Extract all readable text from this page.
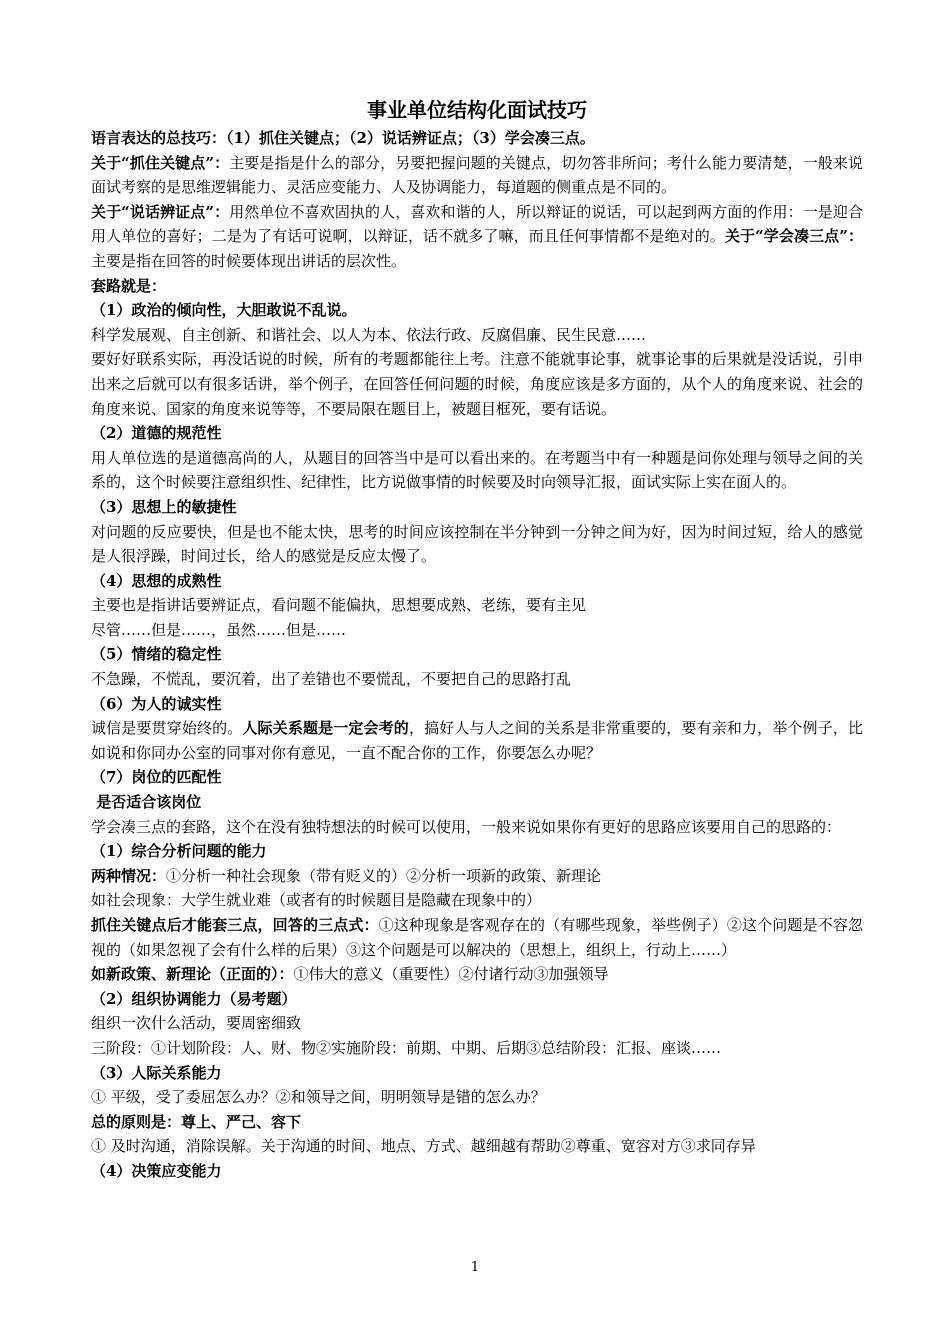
事业单位结构化面试技巧

语言表达的总技巧：（1）抓住关键点；（2）说话辨证点；（3）学会凑三点。

关于“抓住关键点”：主要是指是什么的部分，另要把握问题的关键点，切勿答非所问；考什么能力要清楚，一般来说面试考察的是思维逻辑能力、灵活应变能力、人及协调能力，每道题的侧重点是不同的。

关于“说话辨证点”：用然单位不喜欢固执的人，喜欢和谐的人，所以辩证的说话，可以起到两方面的作用：一是迎合用人单位的喜好；二是为了有话可说啊，以辩证，话不就多了嘛，而且任何事情都不是绝对的。关于“学会凑三点”：主要是指在回答的时候要体现出讲话的层次性。

套路就是：

（1）政治的倾向性，大胆敢说不乱说。

科学发展观、自主创新、和谐社会、以人为本、依法行政、反腐倡廉、民生民意……

要好好联系实际，再没话说的时候，所有的考题都能往上考。注意不能就事论事，就事论事的后果就是没话说，引申出来之后就可以有很多话讲，举个例子，在回答任何问题的时候，角度应该是多方面的，从个人的角度来说、社会的角度来说、国家的角度来说等等，不要局限在题目上，被题目框死，要有话说。

（2）道德的规范性

用人单位选的是道德高尚的人，从题目的回答当中是可以看出来的。在考题当中有一种题是问你处理与领导之间的关系的，这个时候要注意组织性、纪律性，比方说做事情的时候要及时向领导汇报，面试实际上实在面人的。

（3）思想上的敏捷性

对问题的反应要快，但是也不能太快，思考的时间应该控制在半分钟到一分钟之间为好，因为时间过短，给人的感觉是人很浮躁，时间过长，给人的感觉是反应太慢了。

（4）思想的成熟性

主要也是指讲话要辨证点，看问题不能偏执，思想要成熟、老练，要有主见

尽管……但是……，虽然……但是……

（5）情绪的稳定性

不急躁，不慌乱，要沉着，出了差错也不要慌乱，不要把自己的思路打乱

（6）为人的诚实性

诚信是要贯穿始终的。人际关系题是一定会考的，搞好人与人之间的关系是非常重要的，要有亲和力，举个例子，比如说和你同办公室的同事对你有意见，一直不配合你的工作，你要怎么办呢？

（7）岗位的匹配性

是否适合该岗位

学会凑三点的套路，这个在没有独特想法的时候可以使用，一般来说如果你有更好的思路应该要用自己的思路的：

（1）综合分析问题的能力

两种情况：①分析一种社会现象（带有贬义的）②分析一项新的政策、新理论

如社会现象：大学生就业难（或者有的时候题目是隐藏在现象中的）

抓住关键点后才能套三点，回答的三点式：①这种现象是客观存在的（有哪些现象，举些例子）②这个问题是不容忽视的（如果忽视了会有什么样的后果）③这个问题是可以解决的（思想上，组织上，行动上……）

如新政策、新理论（正面的）：①伟大的意义（重要性）②付诸行动③加强领导

（2）组织协调能力（易考题）

组织一次什么活动，要周密细致

三阶段：①计划阶段：人、财、物②实施阶段：前期、中期、后期③总结阶段：汇报、座谈……

（3）人际关系能力

① 平级，受了委屈怎么办？②和领导之间，明明领导是错的怎么办？

总的原则是：尊上、严己、容下

① 及时沟通，消除误解。关于沟通的时间、地点、方式、越细越有帮助②尊重、宽容对方③求同存异

（4）决策应变能力

1
